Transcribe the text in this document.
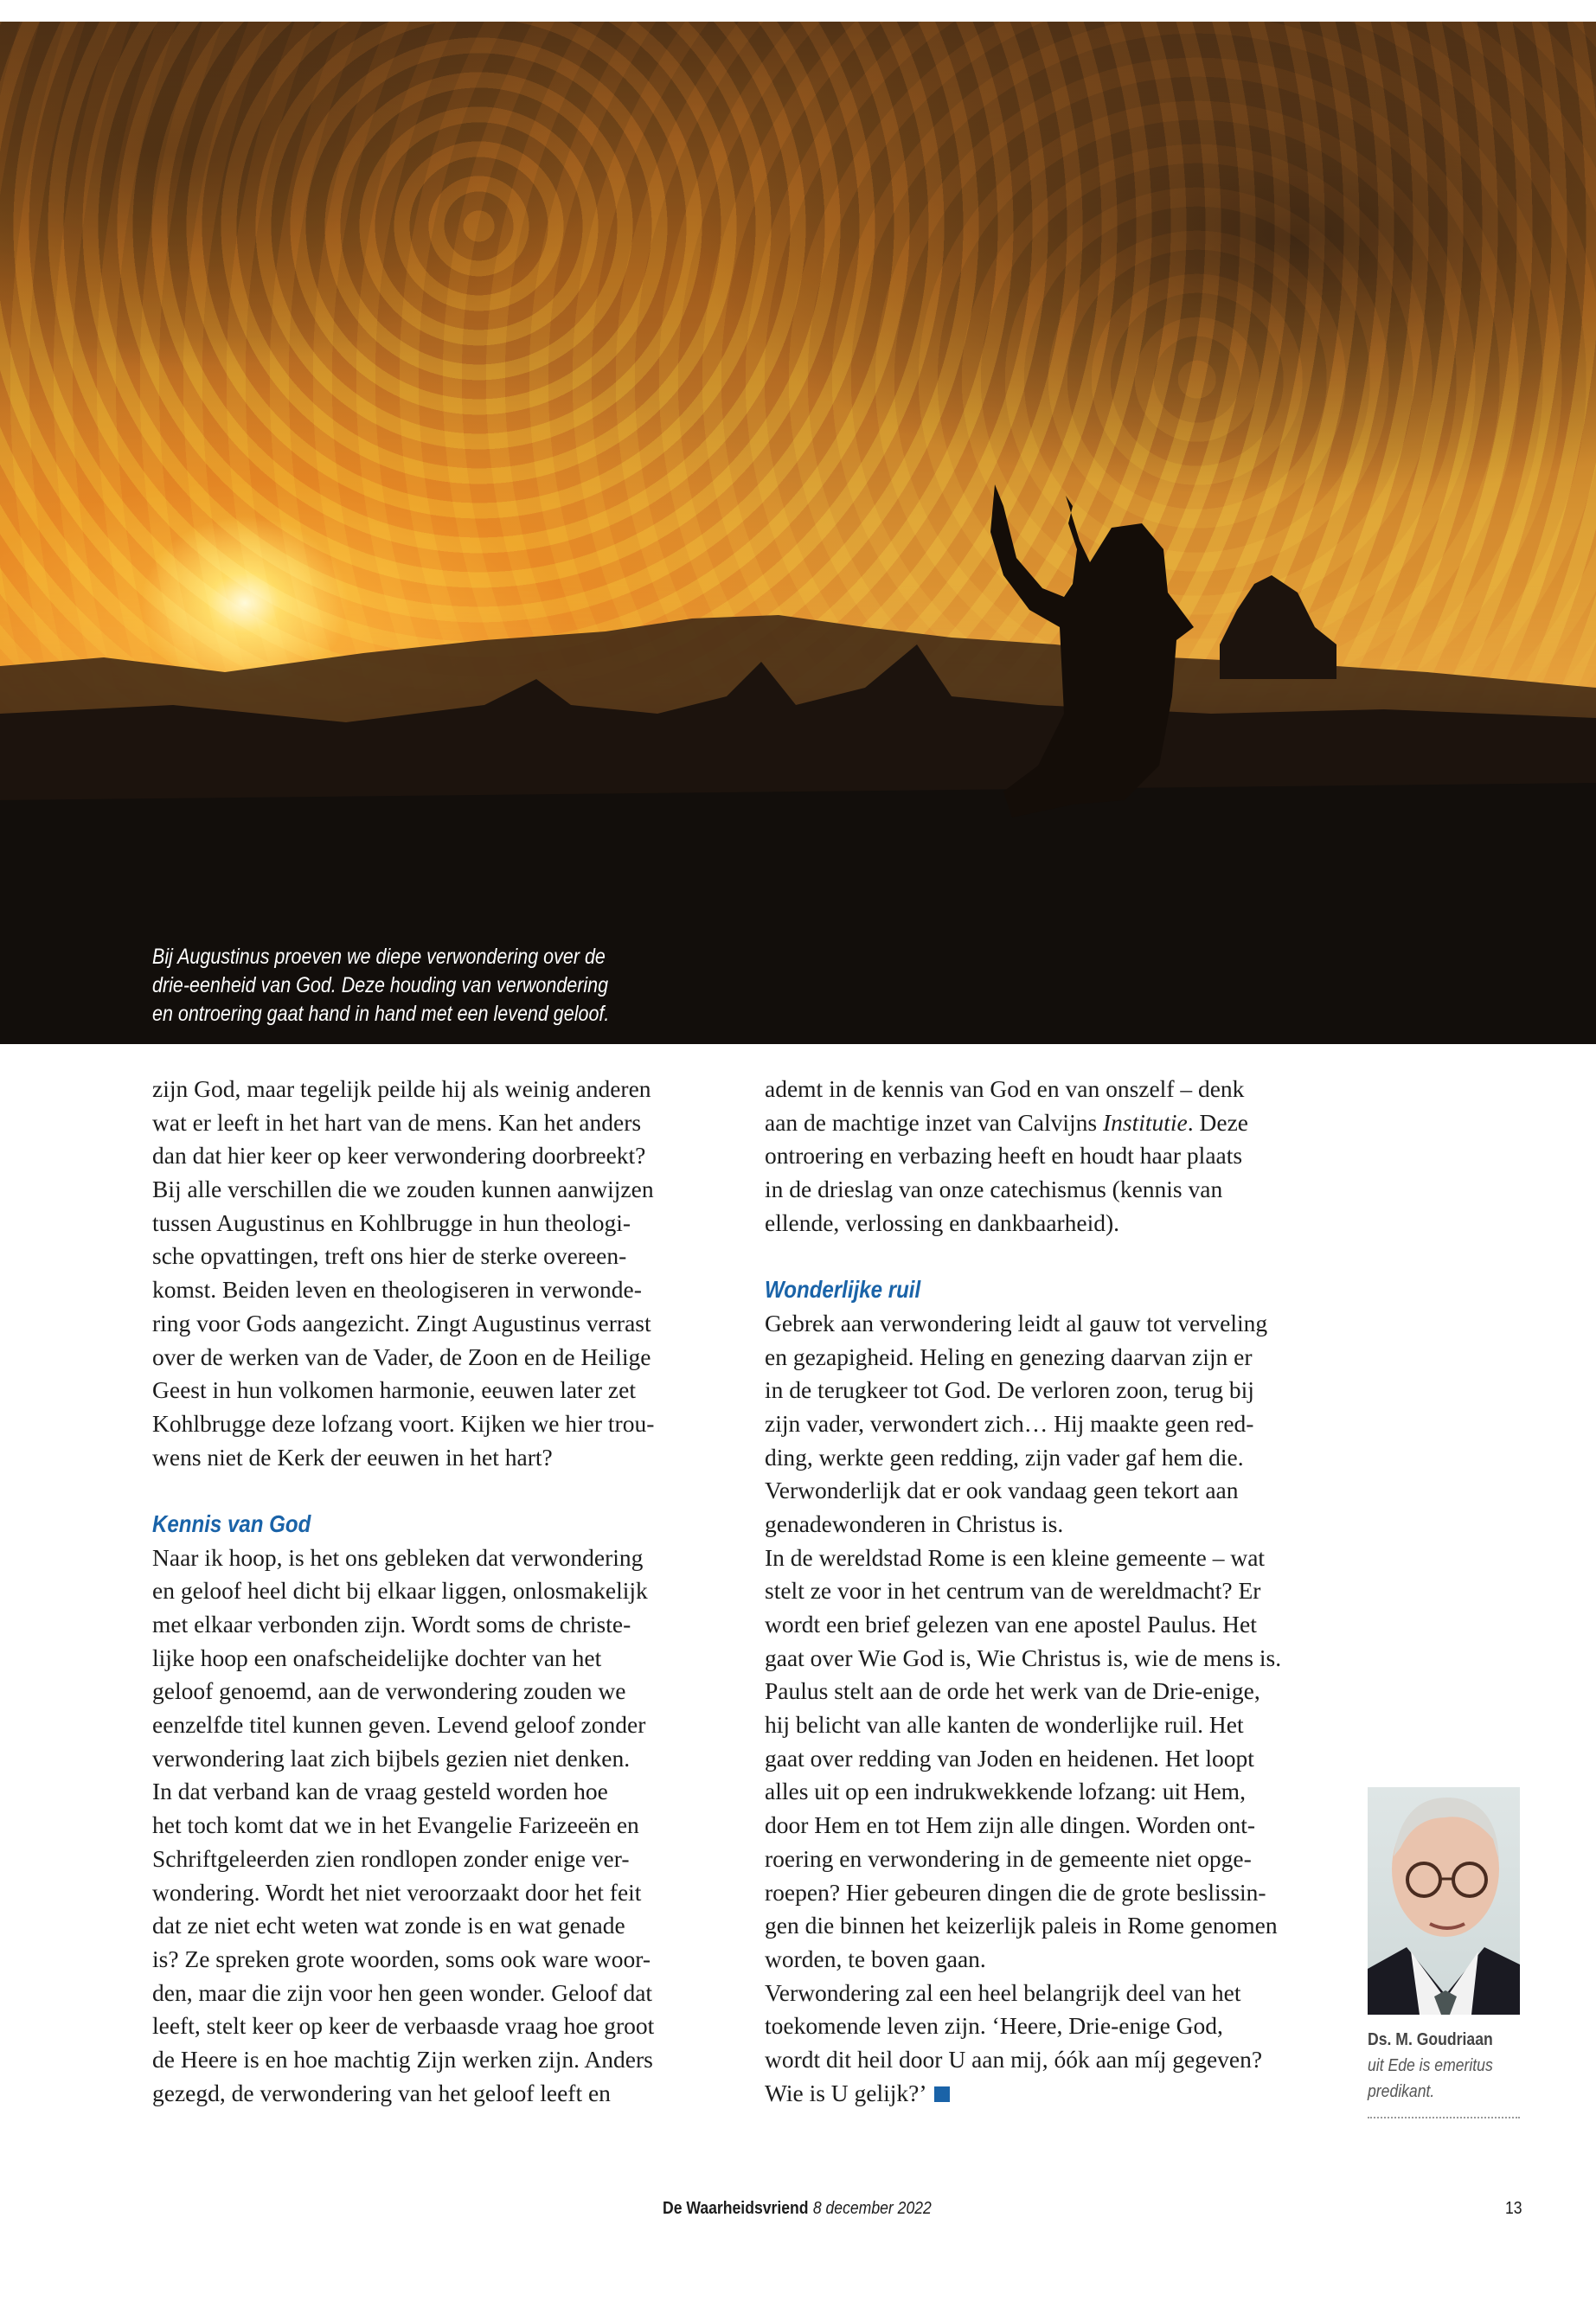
Bij Augustinus proeven we diepe verwondering over de
drie-eenheid van God. Deze houding van verwondering
en ontroering gaat hand in hand met een levend geloof.
zijn God, maar tegelijk peilde hij als weinig anderen
wat er leeft in het hart van de mens. Kan het anders
dan dat hier keer op keer verwondering doorbreekt?
Bij alle verschillen die we zouden kunnen aanwijzen
tussen Augustinus en Kohlbrugge in hun theologi-
sche opvattingen, treft ons hier de sterke overeen-
komst. Beiden leven en theologiseren in verwonde-
ring voor Gods aangezicht. Zingt Augustinus verrast
over de werken van de Vader, de Zoon en de Heilige
Geest in hun volkomen harmonie, eeuwen later zet
Kohlbrugge deze lofzang voort. Kijken we hier trou-
wens niet de Kerk der eeuwen in het hart?
Kennis van God
Naar ik hoop, is het ons gebleken dat verwondering
en geloof heel dicht bij elkaar liggen, onlosmakelijk
met elkaar verbonden zijn. Wordt soms de christe-
lijke hoop een onafscheidelijke dochter van het
geloof genoemd, aan de verwondering zouden we
eenzelfde titel kunnen geven. Levend geloof zonder
verwondering laat zich bijbels gezien niet denken.
In dat verband kan de vraag gesteld worden hoe
het toch komt dat we in het Evangelie Farizeeën en
Schriftgeleerden zien rondlopen zonder enige ver-
wondering. Wordt het niet veroorzaakt door het feit
dat ze niet echt weten wat zonde is en wat genade
is? Ze spreken grote woorden, soms ook ware woor-
den, maar die zijn voor hen geen wonder. Geloof dat
leeft, stelt keer op keer de verbaasde vraag hoe groot
de Heere is en hoe machtig Zijn werken zijn. Anders
gezegd, de verwondering van het geloof leeft en
ademt in de kennis van God en van onszelf – denk
aan de machtige inzet van Calvijns Institutie. Deze
ontroering en verbazing heeft en houdt haar plaats
in de drieslag van onze catechismus (kennis van
ellende, verlossing en dankbaarheid).
Wonderlijke ruil
Gebrek aan verwondering leidt al gauw tot verveling
en gezapigheid. Heling en genezing daarvan zijn er
in de terugkeer tot God. De verloren zoon, terug bij
zijn vader, verwondert zich… Hij maakte geen red-
ding, werkte geen redding, zijn vader gaf hem die.
Verwonderlijk dat er ook vandaag geen tekort aan
genadewonderen in Christus is.
In de wereldstad Rome is een kleine gemeente – wat
stelt ze voor in het centrum van de wereldmacht? Er
wordt een brief gelezen van ene apostel Paulus. Het
gaat over Wie God is, Wie Christus is, wie de mens is.
Paulus stelt aan de orde het werk van de Drie-enige,
hij belicht van alle kanten de wonderlijke ruil. Het
gaat over redding van Joden en heidenen. Het loopt
alles uit op een indrukwekkende lofzang: uit Hem,
door Hem en tot Hem zijn alle dingen. Worden ont-
roering en verwondering in de gemeente niet opge-
roepen? Hier gebeuren dingen die de grote beslissin-
gen die binnen het keizerlijk paleis in Rome genomen
worden, te boven gaan.
Verwondering zal een heel belangrijk deel van het
toekomende leven zijn. ‘Heere, Drie-enige God,
wordt dit heil door U aan mij, óók aan míj gegeven?
Wie is U gelijk?’
Ds. M. Goudriaan
uit Ede is emeritus
predikant.
De Waarheidsvriend 8 december 2022	13
